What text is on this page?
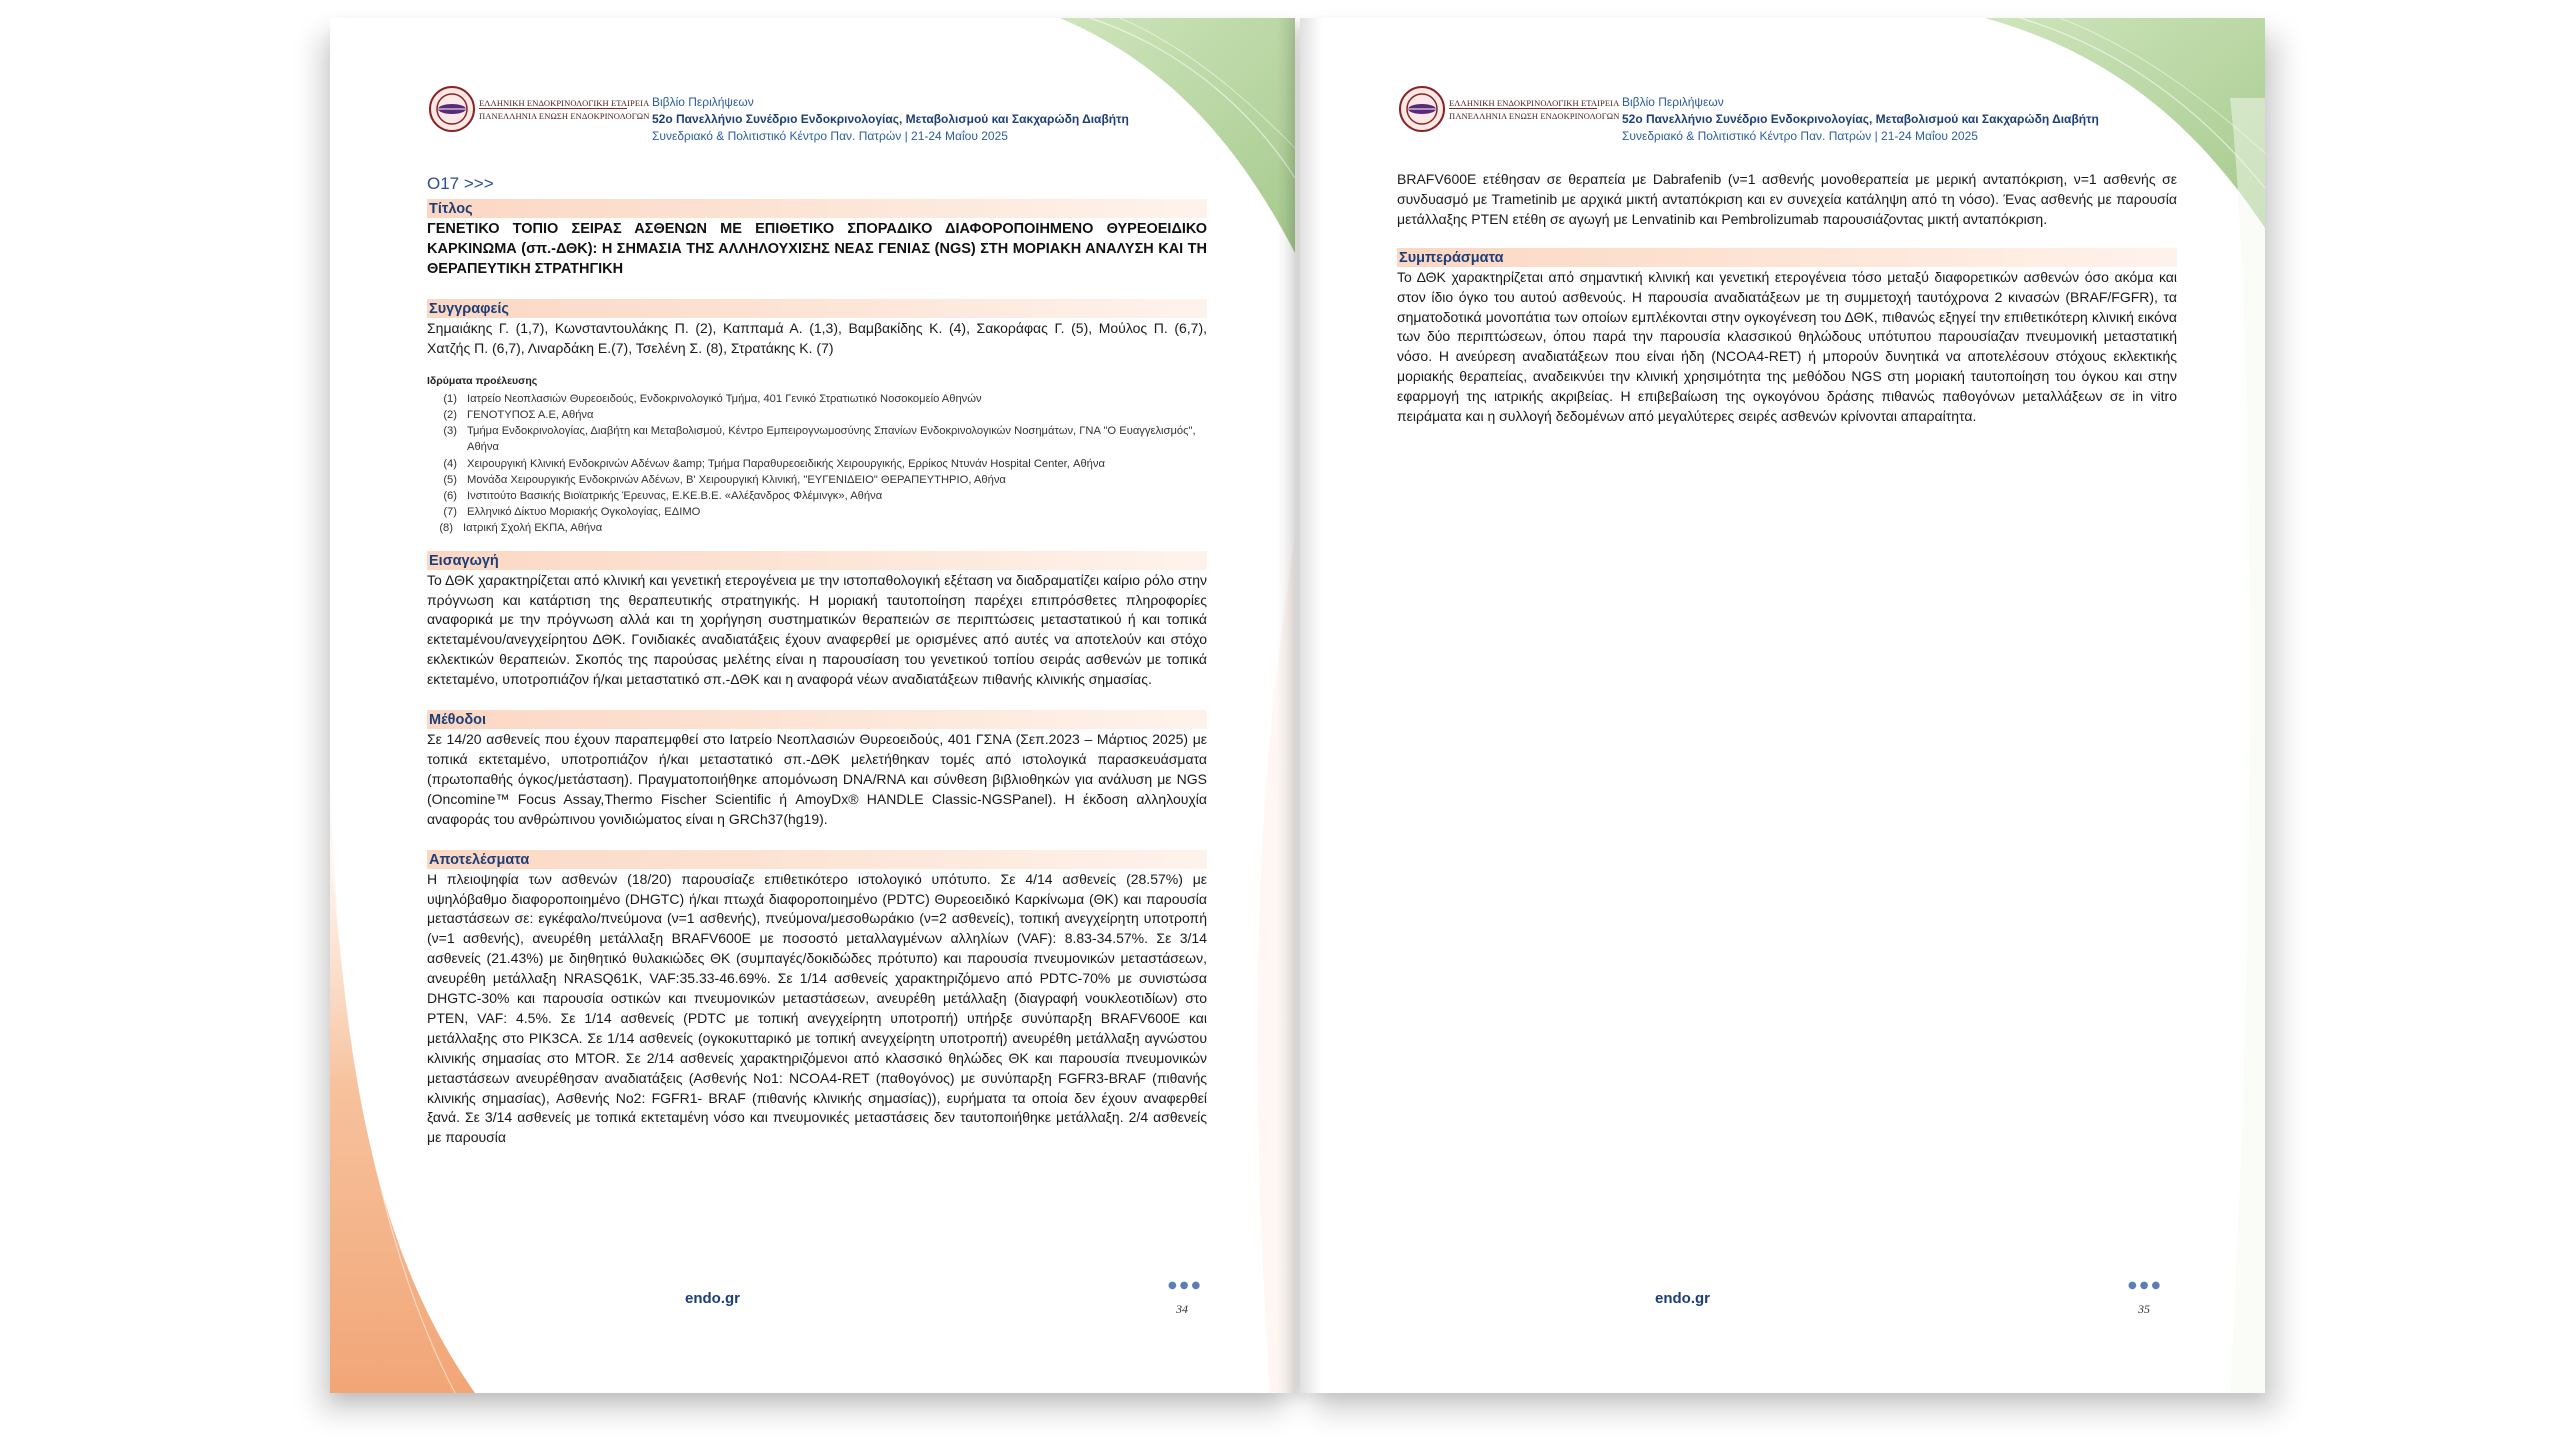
ΕΛΛΗΝΙΚΗ ΕΝΔΟΚΡΙΝΟΛΟΓΙΚΗ ΕΤΑΙΡΕΙΑ
ΠΑΝΕΛΛΗΝΙΑ ΕΝΩΣΗ ΕΝΔΟΚΡΙΝΟΛΟΓΩΝ
Βιβλίο Περιλήψεων
52ο Πανελλήνιο Συνέδριο Ενδοκρινολογίας, Μεταβολισμού και Σακχαρώδη Διαβήτη
Συνεδριακό & Πολιτιστικό Κέντρο Παν. Πατρών | 21-24 Μαΐου 2025
O17 >>>
Τίτλος
ΓΕΝΕΤΙΚΟ ΤΟΠΙΟ ΣΕΙΡΑΣ ΑΣΘΕΝΩΝ ΜΕ ΕΠΙΘΕΤΙΚΟ ΣΠΟΡΑΔΙΚΟ ΔΙΑΦΟΡΟΠΟΙΗΜΕΝΟ ΘΥΡΕΟΕΙΔΙΚΟ ΚΑΡΚΙΝΩΜΑ (σπ.-ΔΘΚ): Η ΣΗΜΑΣΙΑ ΤΗΣ ΑΛΛΗΛΟΥΧΙΣΗΣ ΝΕΑΣ ΓΕΝΙΑΣ (NGS) ΣΤΗ ΜΟΡΙΑΚΗ ΑΝΑΛΥΣΗ ΚΑΙ ΤΗ ΘΕΡΑΠΕΥΤΙΚΗ ΣΤΡΑΤΗΓΙΚΗ
Συγγραφείς
Σημαιάκης Γ. (1,7), Κωνσταντουλάκης Π. (2), Καππαμά Α. (1,3), Βαμβακίδης Κ. (4), Σακοράφας Γ. (5), Μούλος Π. (6,7), Χατζής Π. (6,7), Λιναρδάκη Ε.(7), Τσελένη Σ. (8), Στρατάκης Κ. (7)
Ιδρύματα προέλευσης
(1) Ιατρείο Νεοπλασιών Θυρεοειδούς, Ενδοκρινολογικό Τμήμα, 401 Γενικό Στρατιωτικό Νοσοκομείο Αθηνών
(2) ΓΕΝΟΤΥΠΟΣ Α.Ε, Αθήνα
(3) Τμήμα Ενδοκρινολογίας, Διαβήτη και Μεταβολισμού, Κέντρο Εμπειρογνωμοσύνης Σπανίων Ενδοκρινολογικών Νοσημάτων, ΓΝΑ "Ο Ευαγγελισμός", Αθήνα
(4) Χειρουργική Κλινική Ενδοκρινών Αδένων &amp; Τμήμα Παραθυρεοειδικής Χειρουργικής, Ερρίκος Ντυνάν Hospital Center, Αθήνα
(5) Μονάδα Χειρουργικής Ενδοκρινών Αδένων, Β' Χειρουργική Κλινική, "ΕΥΓΕΝΙΔΕΙΟ" ΘΕΡΑΠΕΥΤΗΡΙΟ, Αθήνα
(6) Ινστιτούτο Βασικής Βιοϊατρικής Έρευνας, Ε.ΚΕ.Β.Ε. «Αλέξανδρος Φλέμινγκ», Αθήνα
(7) Ελληνικό Δίκτυο Μοριακής Ογκολογίας, ΕΔΙΜΟ
(8) Ιατρική Σχολή ΕΚΠΑ, Αθήνα
Εισαγωγή
Το ΔΘΚ χαρακτηρίζεται από κλινική και γενετική ετερογένεια με την ιστοπαθολογική εξέταση να διαδραματίζει καίριο ρόλο στην πρόγνωση και κατάρτιση της θεραπευτικής στρατηγικής. Η μοριακή ταυτοποίηση παρέχει επιπρόσθετες πληροφορίες αναφορικά με την πρόγνωση αλλά και τη χορήγηση συστηματικών θεραπειών σε περιπτώσεις μεταστατικού ή και τοπικά εκτεταμένου/ανεγχείρητου ΔΘΚ. Γονιδιακές αναδιατάξεις έχουν αναφερθεί με ορισμένες από αυτές να αποτελούν και στόχο εκλεκτικών θεραπειών. Σκοπός της παρούσας μελέτης είναι η παρουσίαση του γενετικού τοπίου σειράς ασθενών με τοπικά εκτεταμένο, υποτροπιάζον ή/και μεταστατικό σπ.-ΔΘΚ και η αναφορά νέων αναδιατάξεων πιθανής κλινικής σημασίας.
Μέθοδοι
Σε 14/20 ασθενείς που έχουν παραπεμφθεί στο Ιατρείο Νεοπλασιών Θυρεοειδούς, 401 ΓΣΝΑ (Σεπ.2023 – Μάρτιος 2025) με τοπικά εκτεταμένο, υποτροπιάζον ή/και μεταστατικό σπ.-ΔΘΚ μελετήθηκαν τομές από ιστολογικά παρασκευάσματα (πρωτοπαθής όγκος/μετάσταση). Πραγματοποιήθηκε απομόνωση DNA/RNA και σύνθεση βιβλιοθηκών για ανάλυση με NGS (Oncomine™ Focus Assay,Thermo Fischer Scientific ή AmoyDx® HANDLE Classic-NGSPanel). Η έκδοση αλληλουχία αναφοράς του ανθρώπινου γονιδιώματος είναι η GRCh37(hg19).
Αποτελέσματα
Η πλειοψηφία των ασθενών (18/20) παρουσίαζε επιθετικότερο ιστολογικό υπότυπο. Σε 4/14 ασθενείς (28.57%) με υψηλόβαθμο διαφοροποιημένο (DHGTC) ή/και πτωχά διαφοροποιημένο (PDTC) Θυρεοειδικό Καρκίνωμα (ΘΚ) και παρουσία μεταστάσεων σε: εγκέφαλο/πνεύμονα (ν=1 ασθενής), πνεύμονα/μεσοθωράκιο (ν=2 ασθενείς), τοπική ανεγχείρητη υποτροπή (ν=1 ασθενής), ανευρέθη μετάλλαξη BRAFV600E με ποσοστό μεταλλαγμένων αλληλίων (VAF): 8.83-34.57%. Σε 3/14 ασθενείς (21.43%) με διηθητικό θυλακιώδες ΘΚ (συμπαγές/δοκιδώδες πρότυπο) και παρουσία πνευμονικών μεταστάσεων, ανευρέθη μετάλλαξη NRASQ61K, VAF:35.33-46.69%. Σε 1/14 ασθενείς χαρακτηριζόμενο από PDTC-70% με συνιστώσα DHGTC-30% και παρουσία οστικών και πνευμονικών μεταστάσεων, ανευρέθη μετάλλαξη (διαγραφή νουκλεοτιδίων) στο PTEN, VAF: 4.5%. Σε 1/14 ασθενείς (PDTC με τοπική ανεγχείρητη υποτροπή) υπήρξε συνύπαρξη BRAFV600E και μετάλλαξης στο PIK3CA. Σε 1/14 ασθενείς (ογκοκυτταρικό με τοπική ανεγχείρητη υποτροπή) ανευρέθη μετάλλαξη αγνώστου κλινικής σημασίας στο MTOR. Σε 2/14 ασθενείς χαρακτηριζόμενοι από κλασσικό θηλώδες ΘΚ και παρουσία πνευμονικών μεταστάσεων ανευρέθησαν αναδιατάξεις (Ασθενής Νο1: NCOA4-RET (παθογόνος) με συνύπαρξη FGFR3-BRAF (πιθανής κλινικής σημασίας), Ασθενής Νο2: FGFR1- BRAF (πιθανής κλινικής σημασίας)), ευρήματα τα οποία δεν έχουν αναφερθεί ξανά. Σε 3/14 ασθενείς με τοπικά εκτεταμένη νόσο και πνευμονικές μεταστάσεις δεν ταυτοποιήθηκε μετάλλαξη. 2/4 ασθενείς με παρουσία
endo.gr
●●●
34
ΕΛΛΗΝΙΚΗ ΕΝΔΟΚΡΙΝΟΛΟΓΙΚΗ ΕΤΑΙΡΕΙΑ
ΠΑΝΕΛΛΗΝΙΑ ΕΝΩΣΗ ΕΝΔΟΚΡΙΝΟΛΟΓΩΝ
Βιβλίο Περιλήψεων
52ο Πανελλήνιο Συνέδριο Ενδοκρινολογίας, Μεταβολισμού και Σακχαρώδη Διαβήτη
Συνεδριακό & Πολιτιστικό Κέντρο Παν. Πατρών | 21-24 Μαΐου 2025
BRAFV600E ετέθησαν σε θεραπεία με Dabrafenib (ν=1 ασθενής μονοθεραπεία με μερική ανταπόκριση, ν=1 ασθενής σε συνδυασμό με Trametinib με αρχικά μικτή ανταπόκριση και εν συνεχεία κατάληψη από τη νόσο). Ένας ασθενής με παρουσία μετάλλαξης PTEN ετέθη σε αγωγή με Lenvatinib και Pembrolizumab παρουσιάζοντας μικτή ανταπόκριση.
Συμπεράσματα
Το ΔΘΚ χαρακτηρίζεται από σημαντική κλινική και γενετική ετερογένεια τόσο μεταξύ διαφορετικών ασθενών όσο ακόμα και στον ίδιο όγκο του αυτού ασθενούς. Η παρουσία αναδιατάξεων με τη συμμετοχή ταυτόχρονα 2 κινασών (BRAF/FGFR), τα σηματοδοτικά μονοπάτια των οποίων εμπλέκονται στην ογκογένεση του ΔΘΚ, πιθανώς εξηγεί την επιθετικότερη κλινική εικόνα των δύο περιπτώσεων, όπου παρά την παρουσία κλασσικού θηλώδους υπότυπου παρουσίαζαν πνευμονική μεταστατική νόσο. Η ανεύρεση αναδιατάξεων που είναι ήδη (NCOA4-RET) ή μπορούν δυνητικά να αποτελέσουν στόχους εκλεκτικής μοριακής θεραπείας, αναδεικνύει την κλινική χρησιμότητα της μεθόδου NGS στη μοριακή ταυτοποίηση του όγκου και στην εφαρμογή της ιατρικής ακριβείας. Η επιβεβαίωση της ογκογόνου δράσης πιθανώς παθογόνων μεταλλάξεων σε in vitro πειράματα και η συλλογή δεδομένων από μεγαλύτερες σειρές ασθενών κρίνονται απαραίτητα.
endo.gr
●●●
35
